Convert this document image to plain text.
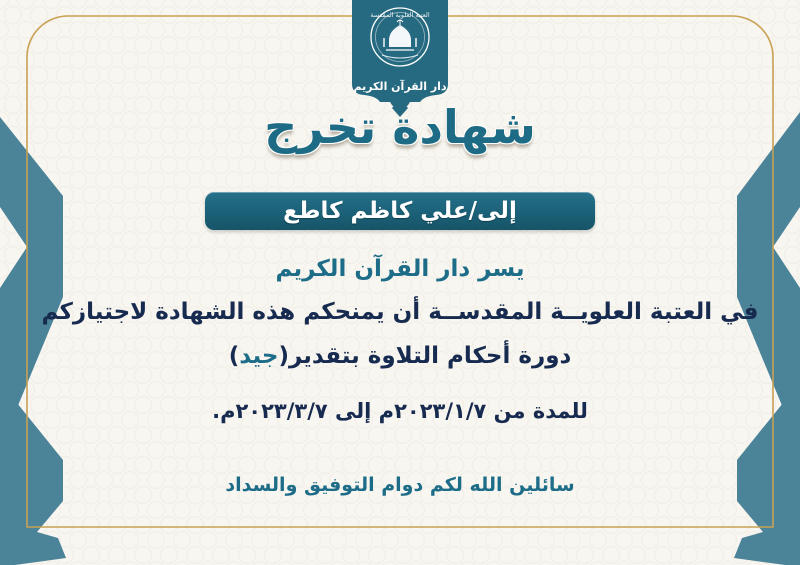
العتبة العلوية المقدسة
دار القرآن الكريم
شهادة تخرج
إلى/علي كاظم كاطع
يسر دار القرآن الكريم
في العتبة العلويــة المقدســة أن يمنحكم هذه الشهادة لاجتيازكم
دورة أحكام التلاوة بتقدير(جيد)
للمدة من ٢٠٢٣/١/٧م إلى ٢٠٢٣/٣/٧م.
سائلين الله لكم دوام التوفيق والسداد
